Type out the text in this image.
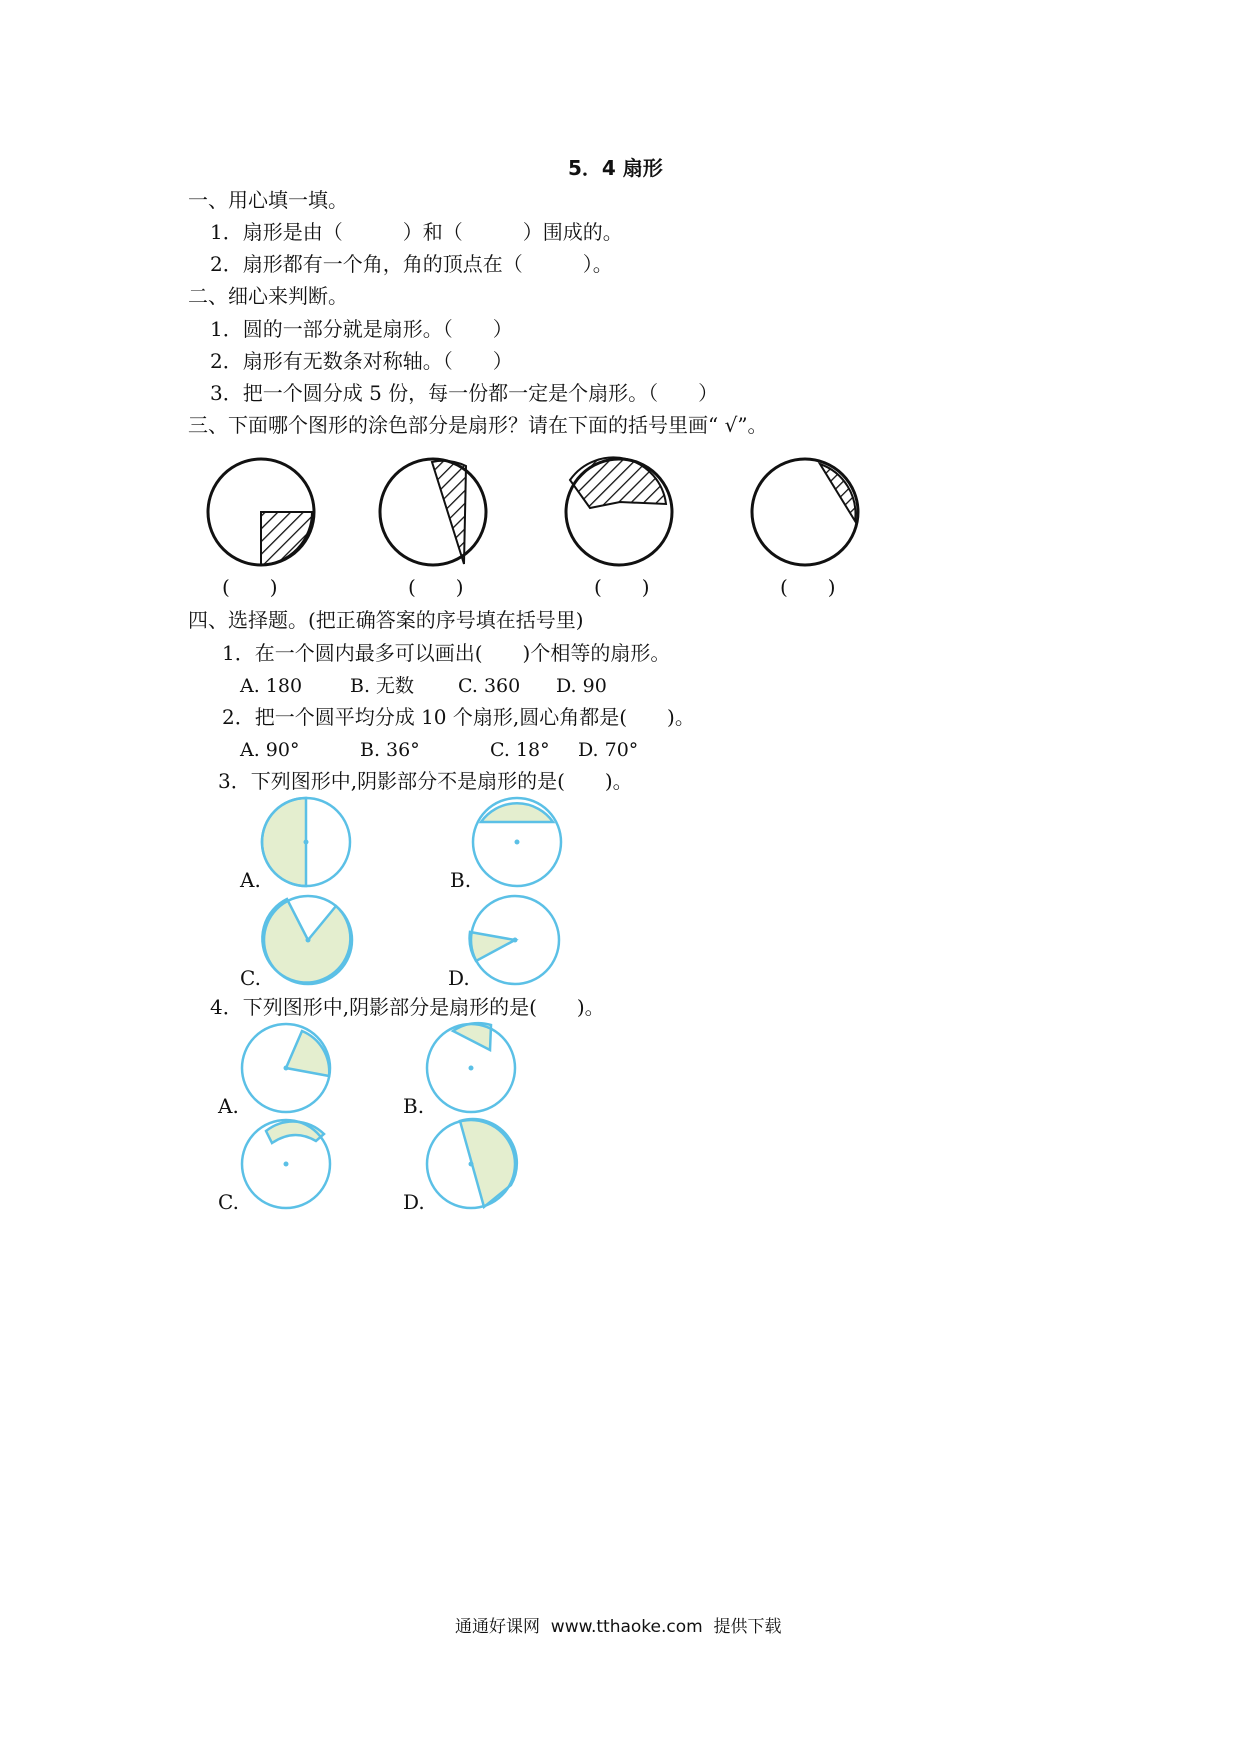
5．4 扇形
一、用心填一填。
1．扇形是由（　　　）和（　　　）围成的。
2．扇形都有一个角，角的顶点在（　　　）。
二、细心来判断。
1．圆的一部分就是扇形。（　　）
2．扇形有无数条对称轴。（　　）
3．把一个圆分成 5 份，每一份都一定是个扇形。（　　）
三、下面哪个图形的涂色部分是扇形？请在下面的括号里画“ √”。
(　　)	(　　)	(　　)	(　　)
四、选择题。(把正确答案的序号填在括号里)
1．在一个圆内最多可以画出(　　)个相等的扇形。
A. 180	B. 无数 C. 360 D. 90
2．把一个圆平均分成 10 个扇形,圆心角都是(　　)。
A. 90°	B. 36°	C. 18° D. 70°
3．下列图形中,阴影部分不是扇形的是(　　)。
A.	B.
C.	D.
4．下列图形中,阴影部分是扇形的是(　　)。
A.	B.
C.	D.
通通好课网  www.tthaoke.com  提供下载
